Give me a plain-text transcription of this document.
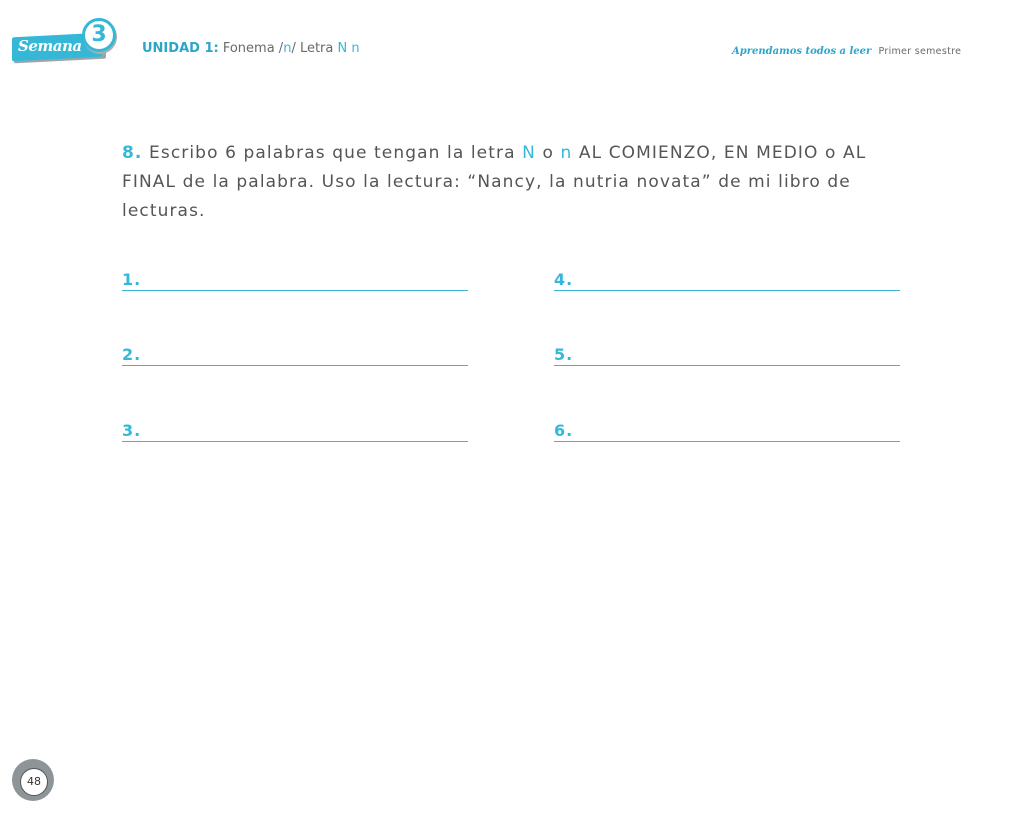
Semana 3
UNIDAD 1: Fonema /n/ Letra N n	Aprendamos todos a leer Primer semestre

8. Escribo 6 palabras que tengan la letra N o n AL COMIENZO, EN MEDIO o AL FINAL de la palabra. Uso la lectura: “Nancy, la nutria novata” de mi libro de lecturas.

1.
2.
3.
4.
5.
6.
48
